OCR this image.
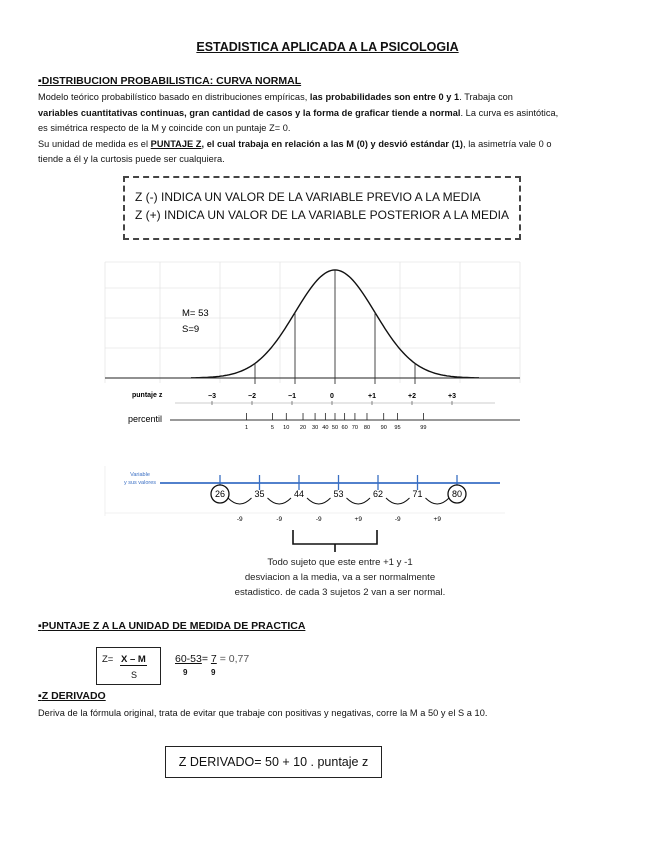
ESTADISTICA APLICADA A LA PSICOLOGIA
▪DISTRIBUCION PROBABILISTICA: CURVA NORMAL
Modelo teórico probabilístico basado en distribuciones empíricas, las probabilidades son entre 0 y 1. Trabaja con
variables cuantitativas continuas, gran cantidad de casos y la forma de graficar tiende a normal. La curva es asintótica,
es simétrica respecto de la M y coincide con un puntaje Z= 0.
Su unidad de medida es el PUNTAJE Z, el cual trabaja en relación a las M (0) y desvió estándar (1), la asimetría vale 0 o
tiende a él y la curtosis puede ser cualquiera.
Z (-) INDICA UN VALOR DE LA VARIABLE PREVIO A LA MEDIA
Z (+) INDICA UN VALOR DE LA VARIABLE POSTERIOR A LA MEDIA
M= 53
S=9
puntaje z	−3	−2	−1	0	+1	+2	+3
percentil
1	5 10 20 30 40 50 60 70 80 90 95	99
Variable
y sus valores
26	35	44	53	62	71	80
-9	-9	-9	+9	-9	+9
Todo sujeto que este entre +1 y -1
desviacion a la media, va a ser normalmente
estadistico. de cada 3 sujetos 2 van a ser normal.
▪PUNTAJE Z A LA UNIDAD DE MEDIDA DE PRACTICA
Z= X – M
S
60-53= 7 = 0,77
9	9
▪Z DERIVADO
Deriva de la fórmula original, trata de evitar que trabaje con positivas y negativas, corre la M a 50 y el S a 10.
Z DERIVADO= 50 + 10 . puntaje z
